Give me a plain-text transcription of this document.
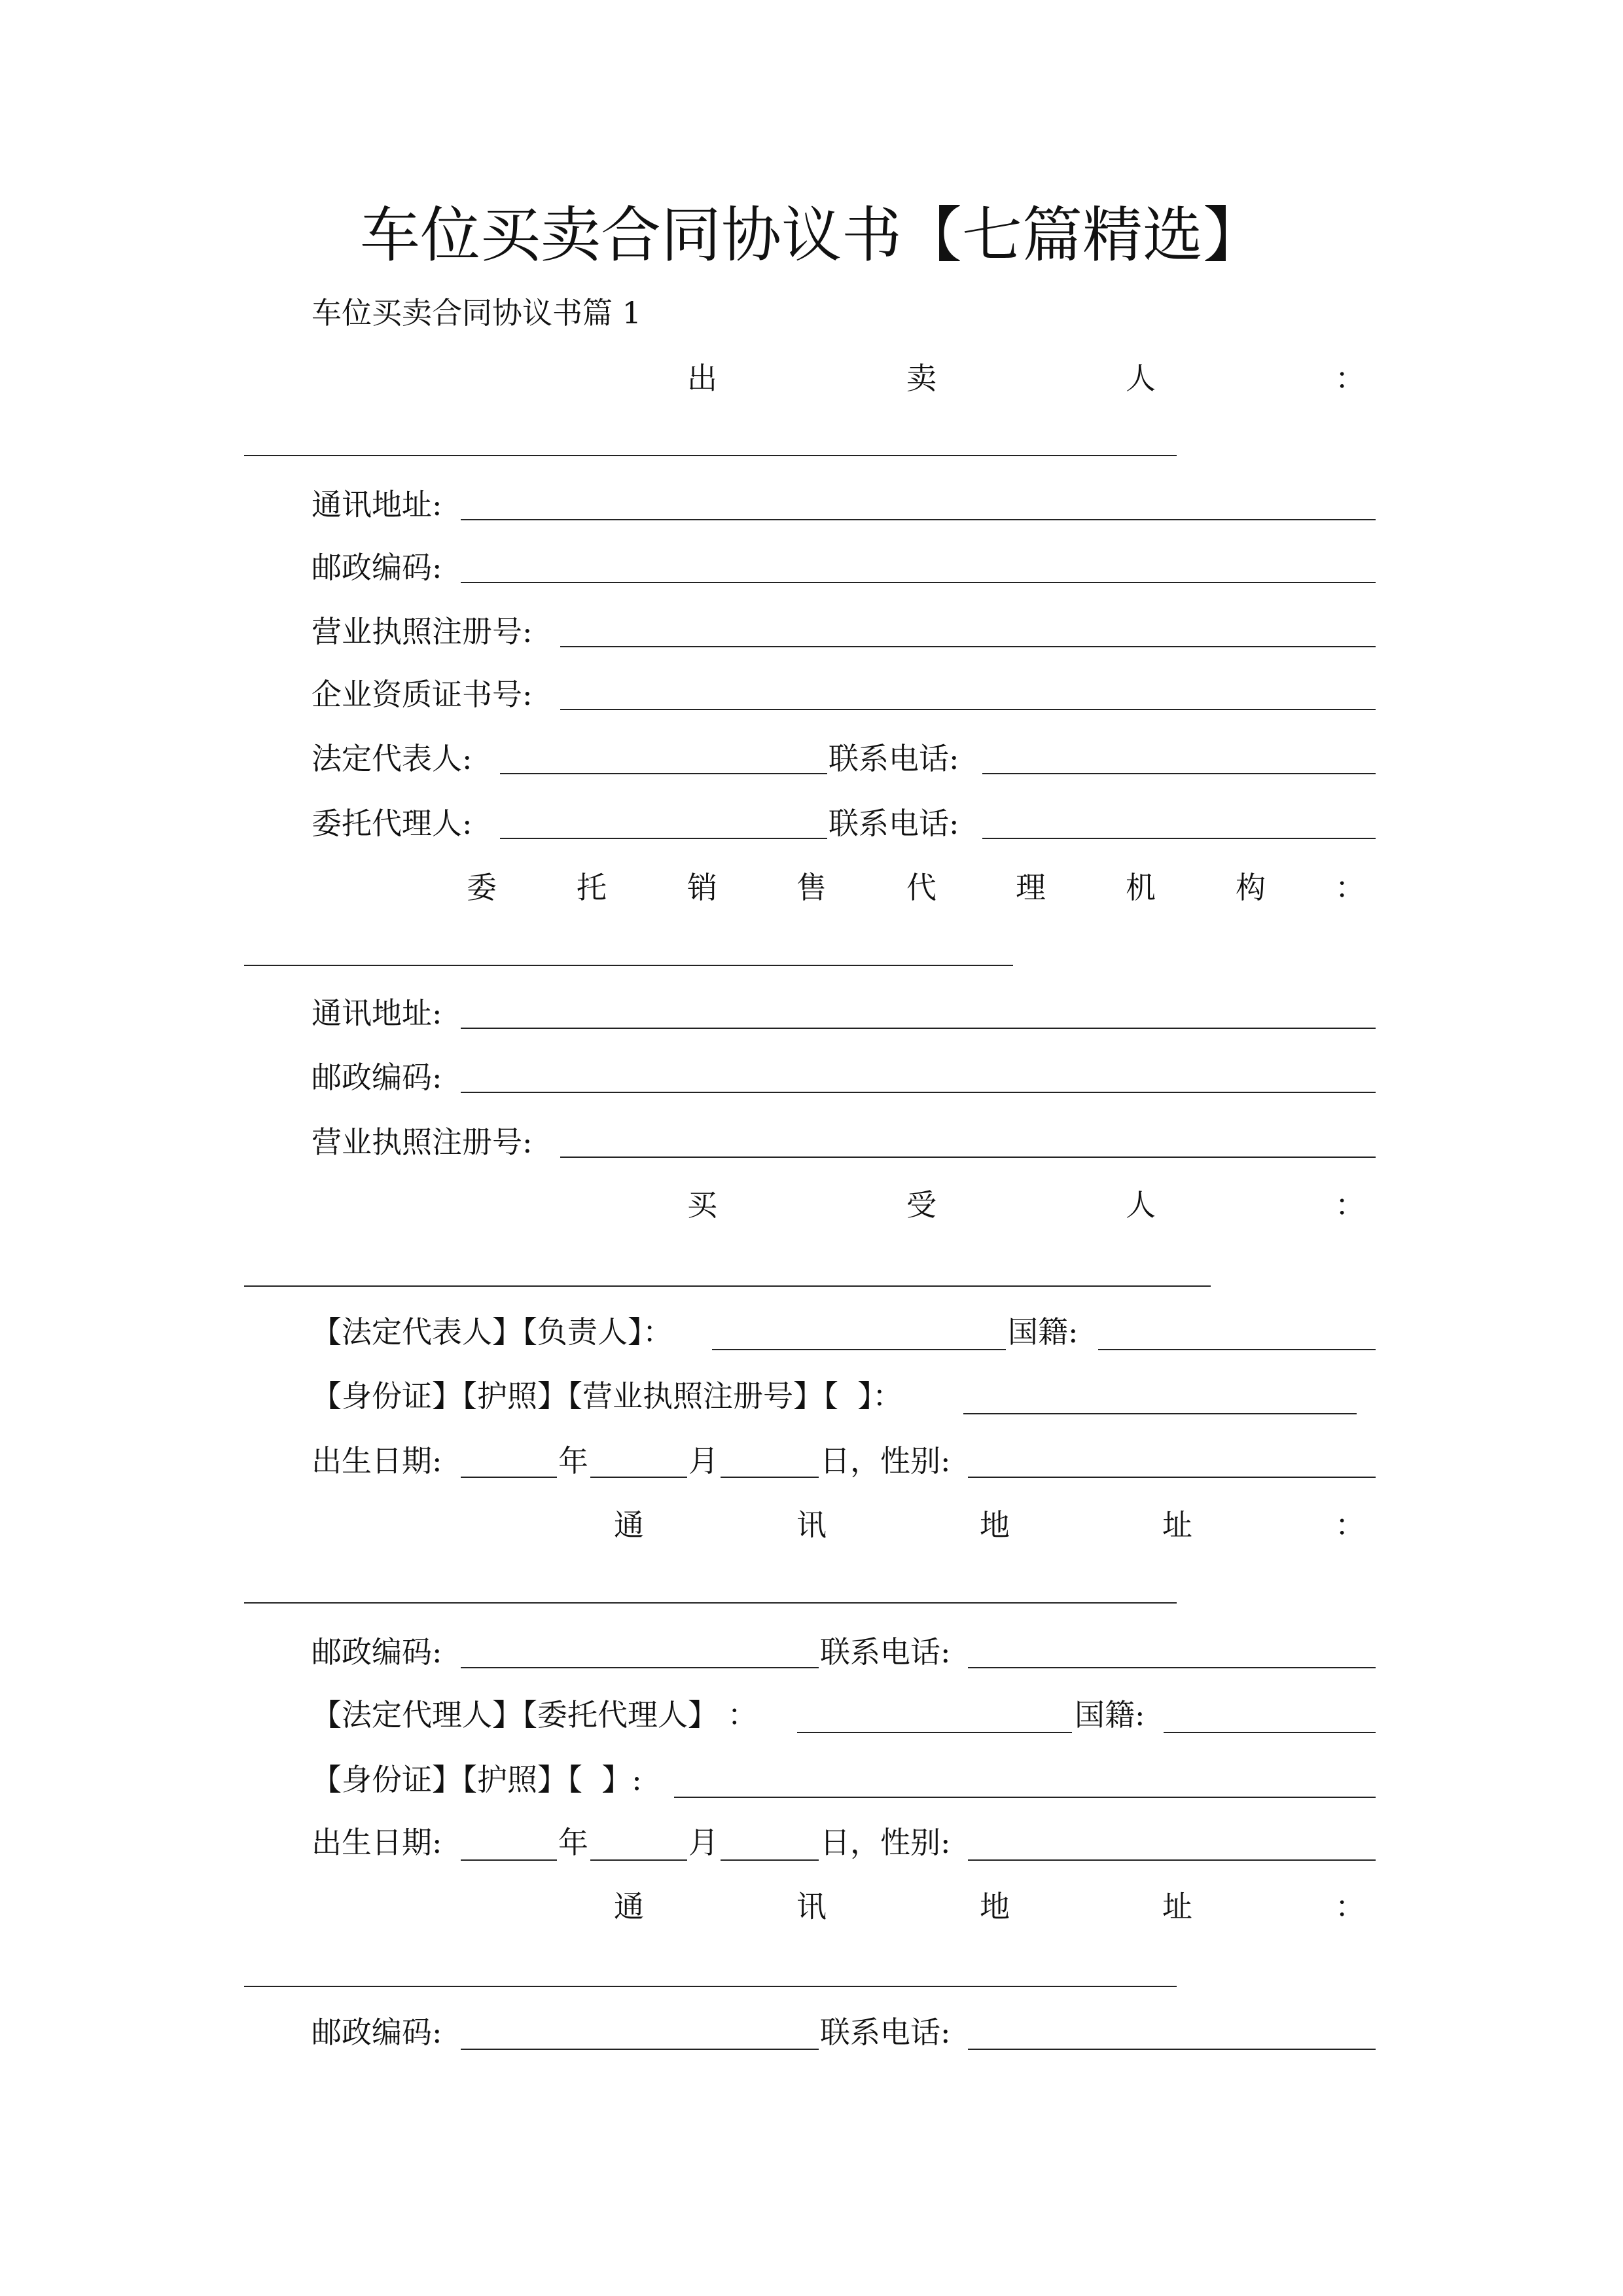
车位买卖合同协议书【七篇精选】
车位买卖合同协议书篇 1
出	卖	人	：
通讯地址:
邮政编码:
营业执照注册号:
企业资质证书号:
法定代表人:	联系电话:
委托代理人:	联系电话:
委	托	销	售	代	理	机	构 ：
通讯地址:
邮政编码:
营业执照注册号:
买	受	人	：
【法定代表人】【负责人】：	国籍:
【身份证】【护照】【营业执照注册号】【  】：
出生日期:	年	月	日，性别:
通	讯	地	址	：
邮政编码:	联系电话:
【法定代理人】【委托代理人】 ：	国籍:
【身份证】【护照】【  】:
出生日期:	年	月	日，性别:
通	讯	地	址	：
邮政编码:	联系电话:
